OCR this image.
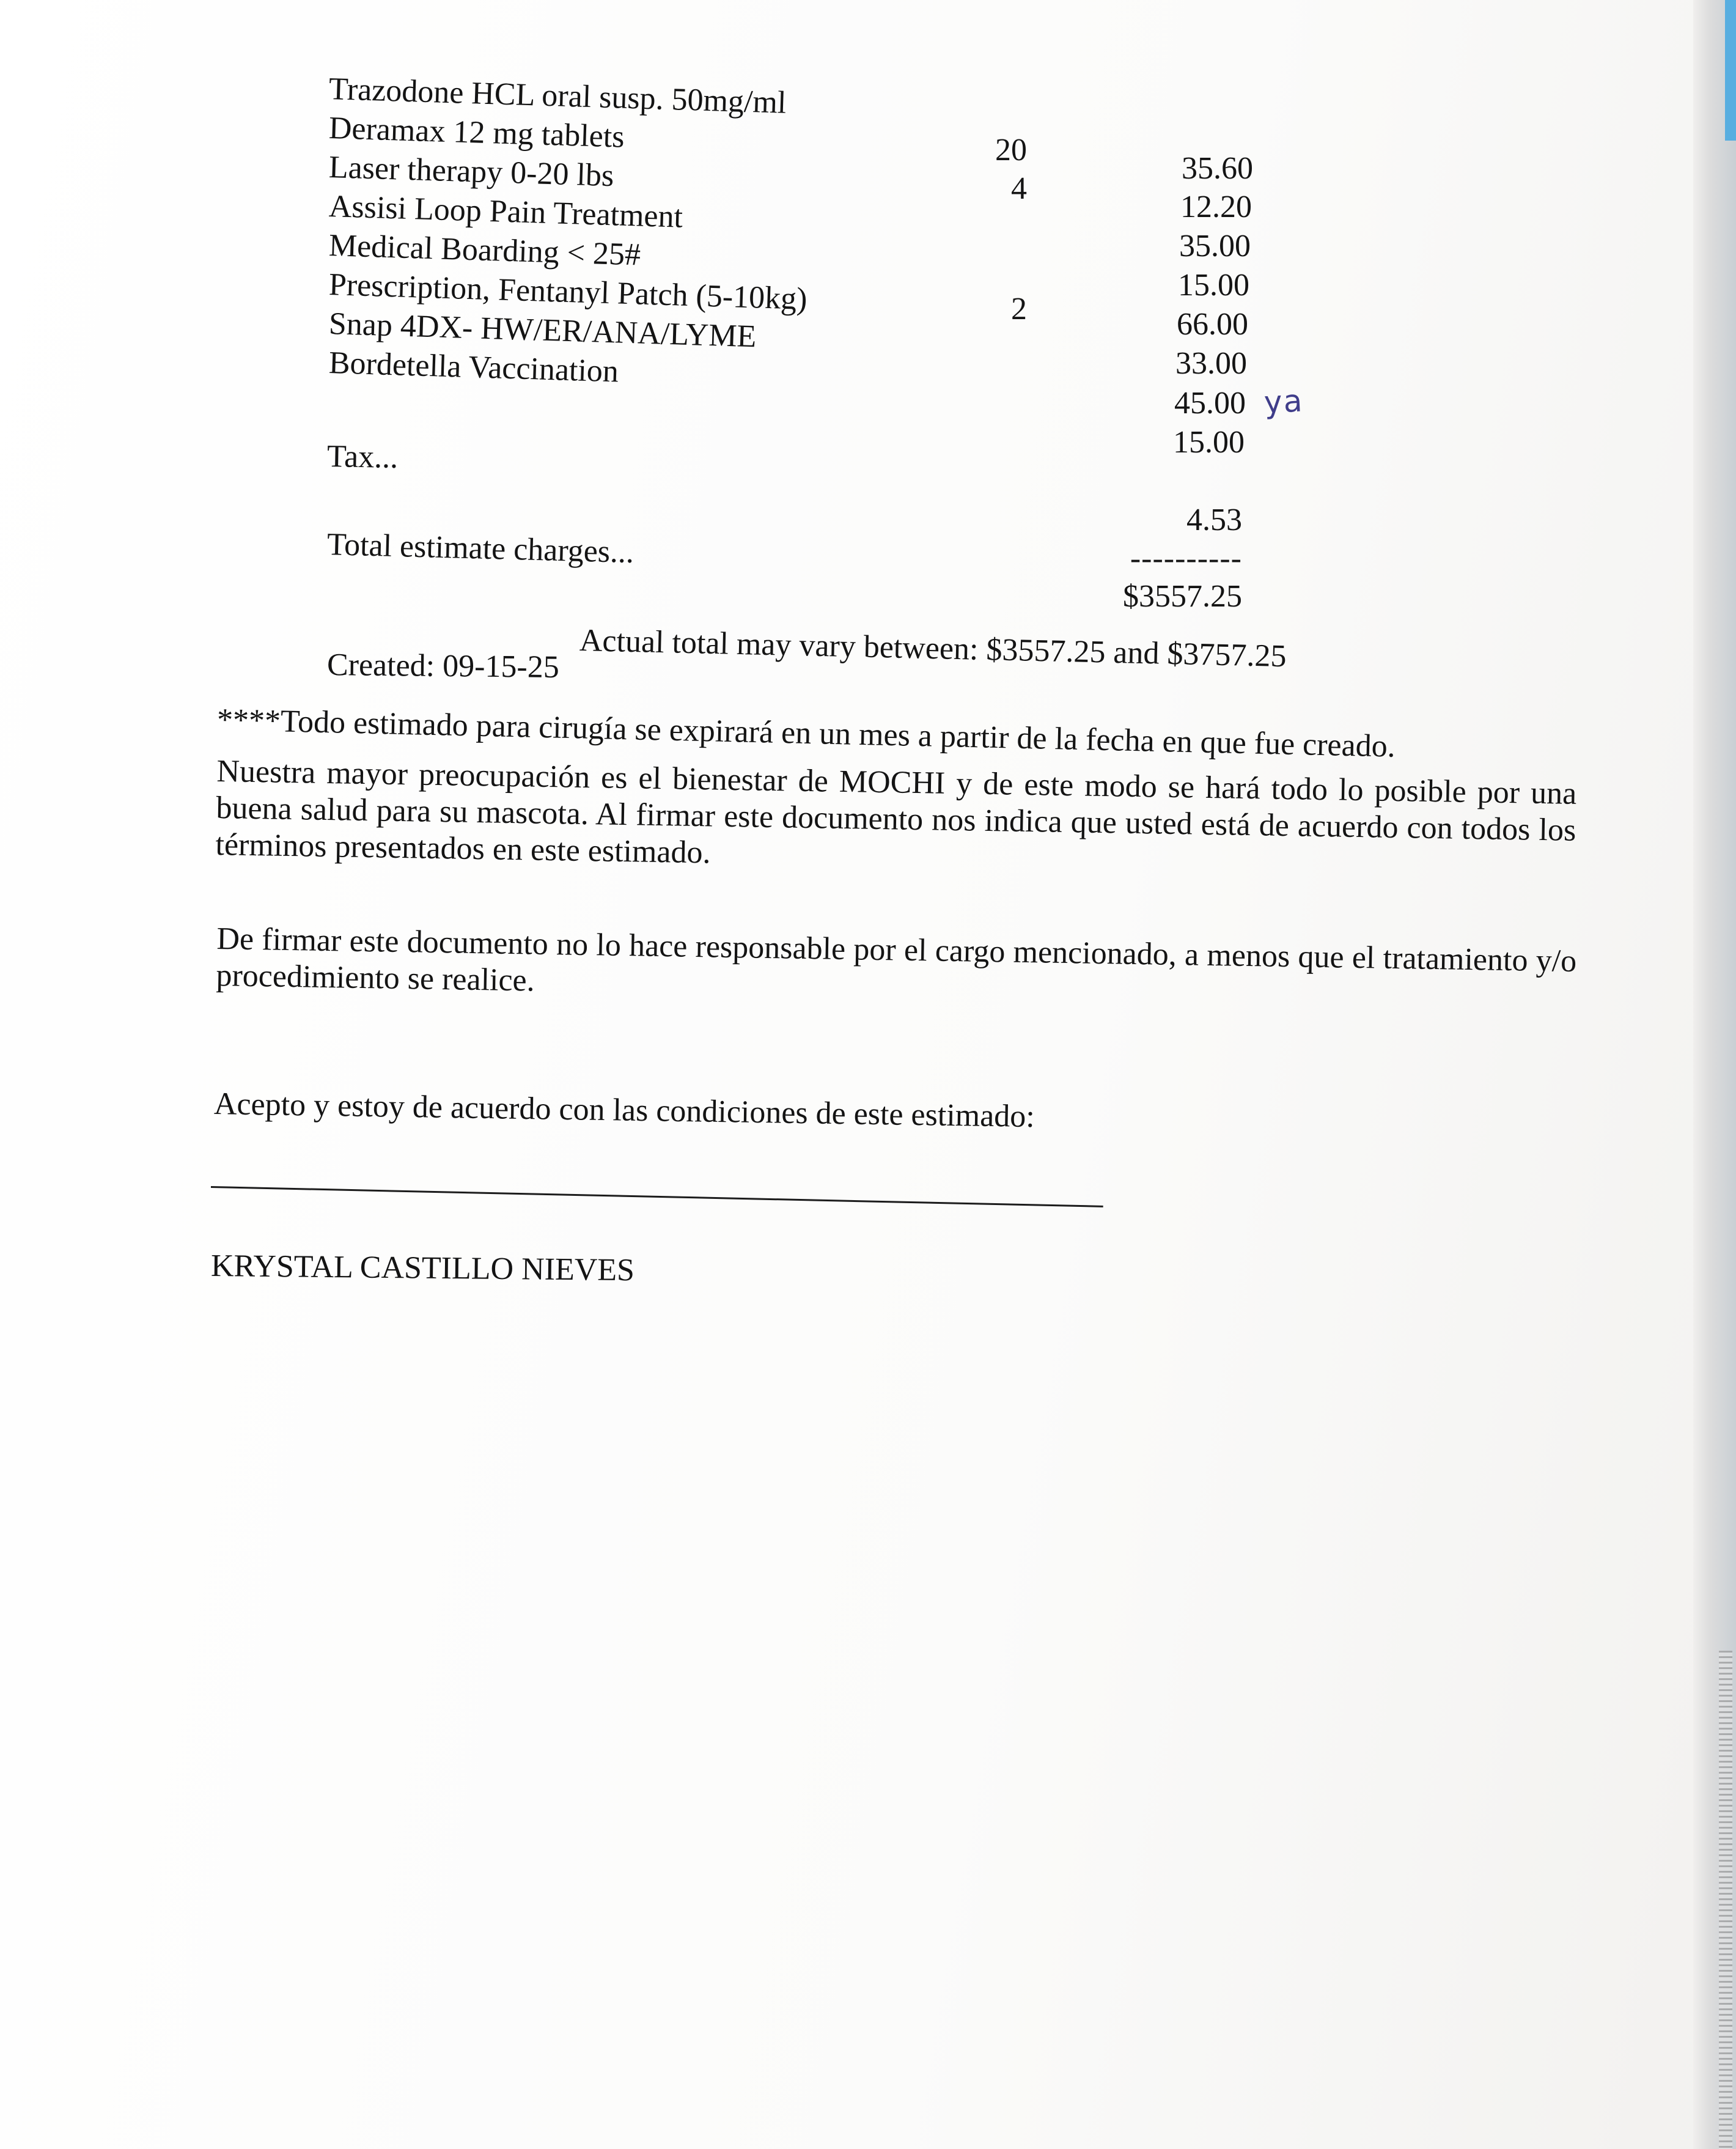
Trazodone HCL oral susp. 50mg/ml
Deramax 12 mg tablets
Laser therapy 0-20 lbs
Assisi Loop Pain Treatment
Medical Boarding < 25#
Prescription, Fentanyl Patch (5-10kg)
Snap 4DX- HW/ER/ANA/LYME
Bordetella Vaccination
20
4
2
35.60
12.20
35.00
15.00
66.00
33.00
45.00
15.00
ya
Tax...
4.53
Total estimate charges...	----------
$3557.25
Actual total may vary between: $3557.25 and $3757.25
Created: 09-15-25
****Todo estimado para cirugía se expirará en un mes a partir de la fecha en que fue creado.
Nuestra mayor preocupación es el bienestar de MOCHI y de este modo se hará todo lo posible por una buena salud para su mascota. Al firmar este documento nos indica que usted está de acuerdo con todos los términos presentados en este estimado.
De firmar este documento no lo hace responsable por el cargo mencionado, a menos que el tratamiento y/o procedimiento se realice.
Acepto y estoy de acuerdo con las condiciones de este estimado:
KRYSTAL CASTILLO NIEVES
